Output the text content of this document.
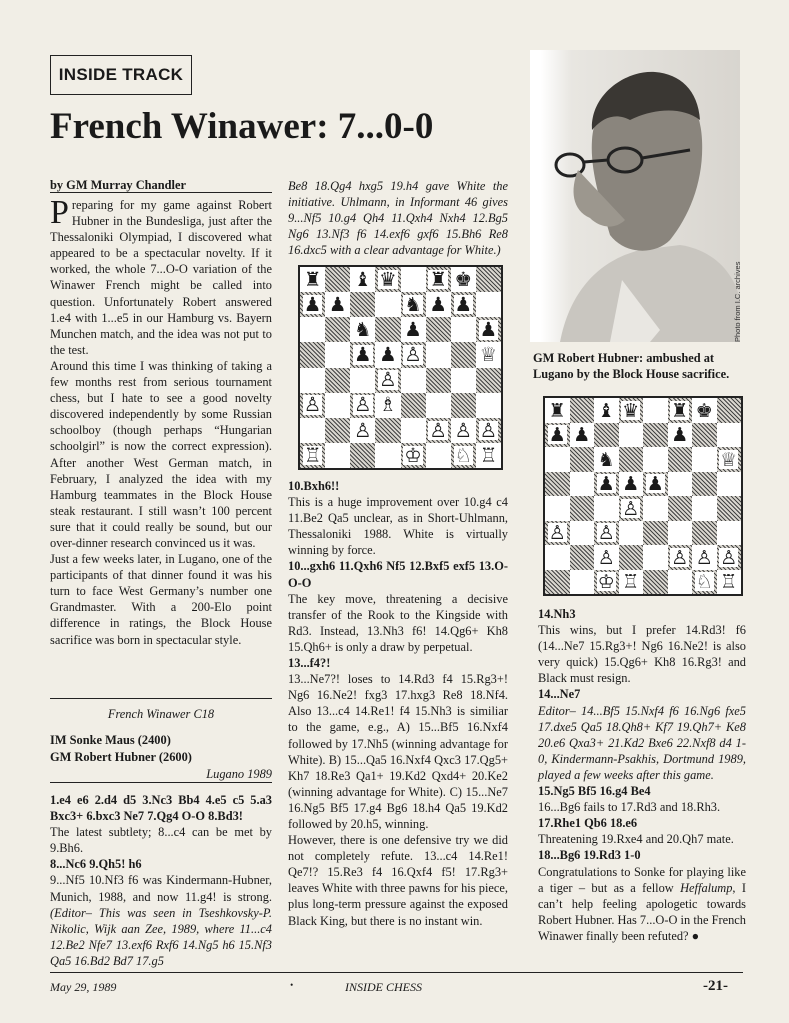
INSIDE TRACK
French Winawer: 7...0-0
by GM Murray Chandler

Preparing for my game against Robert Hubner in the Bundesliga, just after the Thessaloniki Olympiad, I discovered what appeared to be a spectacular novelty. If it worked, the whole 7...O-O variation of the Winawer French might be called into question. Unfortunately Robert answered 1.e4 with 1...e5 in our Hamburg vs. Bayern Munchen match, and the idea was not put to the test.

Around this time I was thinking of taking a few months rest from serious tournament chess, but I hate to see a good novelty discovered independently by some Russian schoolboy (though perhaps “Hungarian schoolgirl” is now the correct expression). After another West German match, in February, I analyzed the idea with my Hamburg teammates in the Block House steak restaurant. I still wasn’t 100 percent sure that it could really be sound, but our over-dinner research convinced us it was.

Just a few weeks later, in Lugano, one of the participants of that dinner found it was his turn to face West Germany’s number one Grandmaster. With a 200-Elo point difference in ratings, the Block House sacrifice was born in spectacular style.

French Winawer C18
IM Sonke Maus (2400)
GM Robert Hubner (2600)
Lugano 1989

1.e4 e6 2.d4 d5 3.Nc3 Bb4 4.e5 c5 5.a3 Bxc3+ 6.bxc3 Ne7 7.Qg4 O-O 8.Bd3!

The latest subtlety; 8...c4 can be met by 9.Bh6.

8...Nc6 9.Qh5! h6

9...Nf5 10.Nf3 f6 was Kindermann-Hubner, Munich, 1988, and now 11.g4! is strong. (Editor– This was seen in Tseshkovsky-P. Nikolic, Wijk aan Zee, 1989, where 11...c4 12.Be2 Nfe7 13.exf6 Rxf6 14.Ng5 h6 15.Nf3 Qa5 16.Bd2 Bd7 17.g5

Be8 18.Qg4 hxg5 19.h4 gave White the initiative. Uhlmann, in Informant 46 gives 9...Nf5 10.g4 Qh4 11.Qxh4 Nxh4 12.Bg5 Ng6 13.Nf3 f6 14.exf6 gxf6 15.Bh6 Re8 16.dxc5 with a clear advantage for White.)
♜ ♝ ♛ ♜ ♚
♟ ♟	♞ ♟ ♟
♞ ♟	♟
♟ ♟ ♙	♕
♙
♙ ♙ ♗
♙	♙ ♙ ♙
♖	♔ ♘ ♖

10.Bxh6!!

This is a huge improvement over 10.g4 c4 11.Be2 Qa5 unclear, as in Short-Uhlmann, Thessaloniki 1988. White is virtually winning by force.

10...gxh6 11.Qxh6 Nf5 12.Bxf5 exf5 13.O-O-O

The key move, threatening a decisive transfer of the Rook to the Kingside with Rd3. Instead, 13.Nh3 f6! 14.Qg6+ Kh8 15.Qh6+ is only a draw by perpetual.

13...f4?!

13...Ne7?! loses to 14.Rd3 f4 15.Rg3+! Ng6 16.Ne2! fxg3 17.hxg3 Re8 18.Nf4. Also 13...c4 14.Re1! f4 15.Nh3 is similiar to the game, e.g., A) 15...Bf5 16.Nxf4 followed by 17.Nh5 (winning advantage for White). B) 15...Qa5 16.Nxf4 Qxc3 17.Qg5+ Kh7 18.Re3 Qa1+ 19.Kd2 Qxd4+ 20.Ke2 (winning advantage for White). C) 15...Ne7 16.Ng5 Bf5 17.g4 Bg6 18.h4 Qa5 19.Kd2 followed by 20.h5, winning.

However, there is one defensive try we did not completely refute. 13...c4 14.Re1! Qe7!? 15.Re3 f4 16.Qxf4 f5! 17.Rg3+ leaves White with three pawns for his piece, plus long-term pressure against the exposed Black King, but there is no instant win.

Photo from I.C. archives
GM Robert Hubner: ambushed at Lugano by the Block House sacrifice.
♜ ♝ ♛ ♜ ♚
♟ ♟	♟
♞	♕
♟ ♟ ♟
♙
♙ ♙
♙	♙ ♙ ♙
♔ ♖	♘ ♖

14.Nh3

This wins, but I prefer 14.Rd3! f6 (14...Ne7 15.Rg3+! Ng6 16.Ne2! is also very quick) 15.Qg6+ Kh8 16.Rg3! and Black must resign.

14...Ne7

Editor– 14...Bf5 15.Nxf4 f6 16.Ng6 fxe5 17.dxe5 Qa5 18.Qh8+ Kf7 19.Qh7+ Ke8 20.e6 Qxa3+ 21.Kd2 Bxe6 22.Nxf8 d4 1-0, Kindermann-Psakhis, Dortmund 1989, played a few weeks after this game.

15.Ng5 Bf5 16.g4 Be4

16...Bg6 fails to 17.Rd3 and 18.Rh3.

17.Rhe1 Qb6 18.e6

Threatening 19.Rxe4 and 20.Qh7 mate.

18...Bg6 19.Rd3 1-0

Congratulations to Sonke for playing like a tiger – but as a fellow Heffalump, I can’t help feeling apologetic towards Robert Hubner. Has 7...O-O in the French Winawer finally been refuted? ●

May 29, 1989	•	INSIDE CHESS	-21-
